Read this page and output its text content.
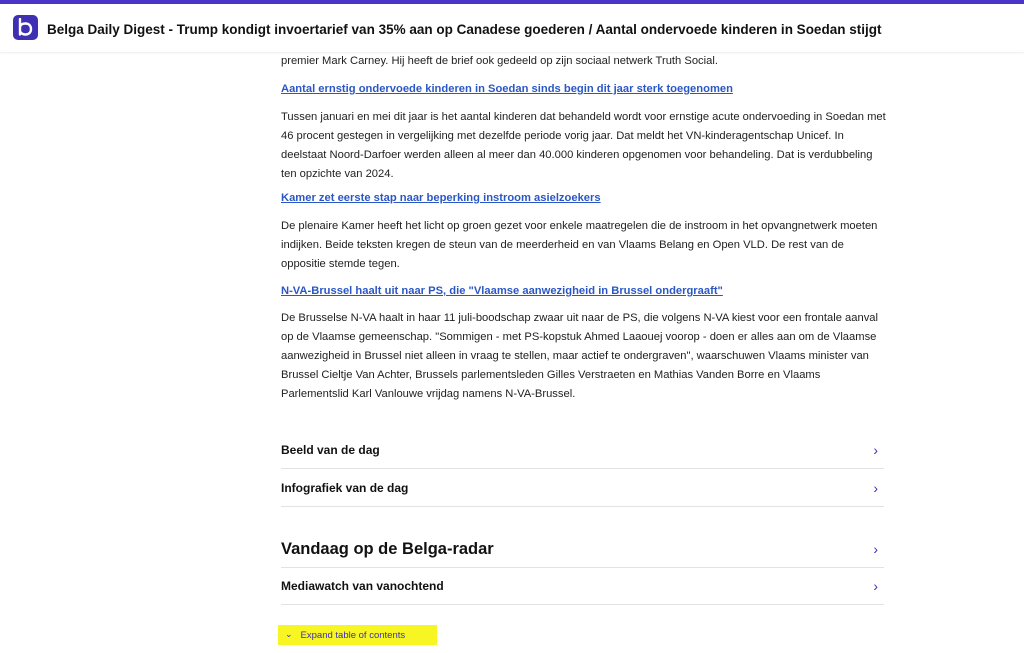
Belga Daily Digest - Trump kondigt invoertarief van 35% aan op Canadese goederen / Aantal ondervoede kinderen in Soedan stijgt

premier Mark Carney. Hij heeft de brief ook gedeeld op zijn sociaal netwerk Truth Social.

Aantal ernstig ondervoede kinderen in Soedan sinds begin dit jaar sterk toegenomen

Tussen januari en mei dit jaar is het aantal kinderen dat behandeld wordt voor ernstige acute ondervoeding in Soedan met 46 procent gestegen in vergelijking met dezelfde periode vorig jaar. Dat meldt het VN-kinderagentschap Unicef. In deelstaat Noord-Darfoer werden alleen al meer dan 40.000 kinderen opgenomen voor behandeling. Dat is verdubbeling ten opzichte van 2024.

Kamer zet eerste stap naar beperking instroom asielzoekers

De plenaire Kamer heeft het licht op groen gezet voor enkele maatregelen die de instroom in het opvangnetwerk moeten indijken. Beide teksten kregen de steun van de meerderheid en van Vlaams Belang en Open VLD. De rest van de oppositie stemde tegen.

N-VA-Brussel haalt uit naar PS, die "Vlaamse aanwezigheid in Brussel ondergraaft"

De Brusselse N-VA haalt in haar 11 juli-boodschap zwaar uit naar de PS, die volgens N-VA kiest voor een frontale aanval op de Vlaamse gemeenschap. "Sommigen - met PS-kopstuk Ahmed Laaouej voorop - doen er alles aan om de Vlaamse aanwezigheid in Brussel niet alleen in vraag te stellen, maar actief te ondergraven", waarschuwen Vlaams minister van Brussel Cieltje Van Achter, Brussels parlementsleden Gilles Verstraeten en Mathias Vanden Borre en Vlaams Parlementslid Karl Vanlouwe vrijdag namens N-VA-Brussel.

Beeld van de dag	›
Infografiek van de dag	›
Vandaag op de Belga-radar	›
Mediawatch van vanochtend	›
⌄ Expand table of contents
